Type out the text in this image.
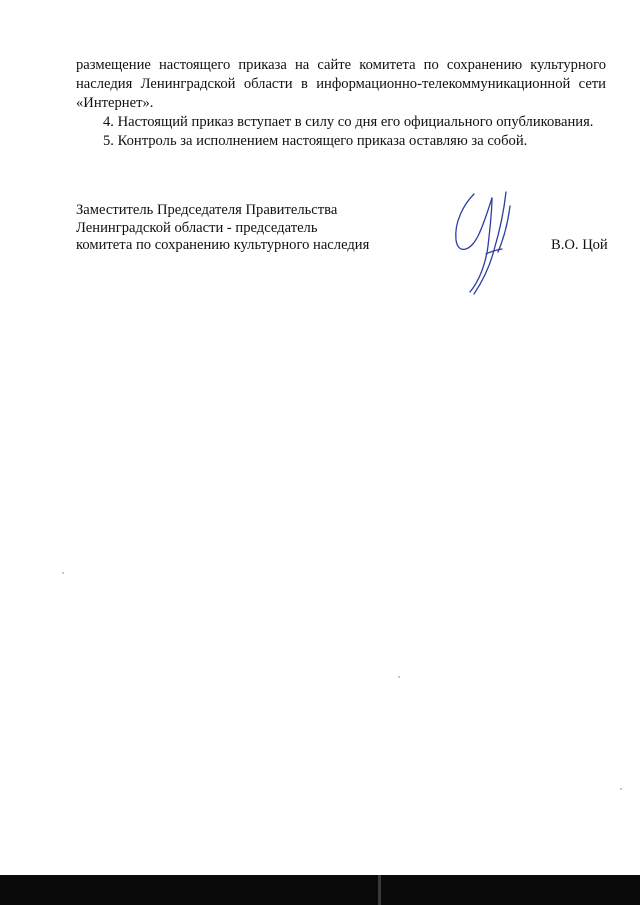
размещение настоящего приказа на сайте комитета по сохранению культурного наследия Ленинградской области в информационно-телекоммуникационной сети «Интернет».

4. Настоящий приказ вступает в силу со дня его официального опубликования.

5. Контроль за исполнением настоящего приказа оставляю за собой.

Заместитель Председателя Правительства
Ленинградской области - председатель
комитета по сохранению культурного наследия	В.О. Цой
